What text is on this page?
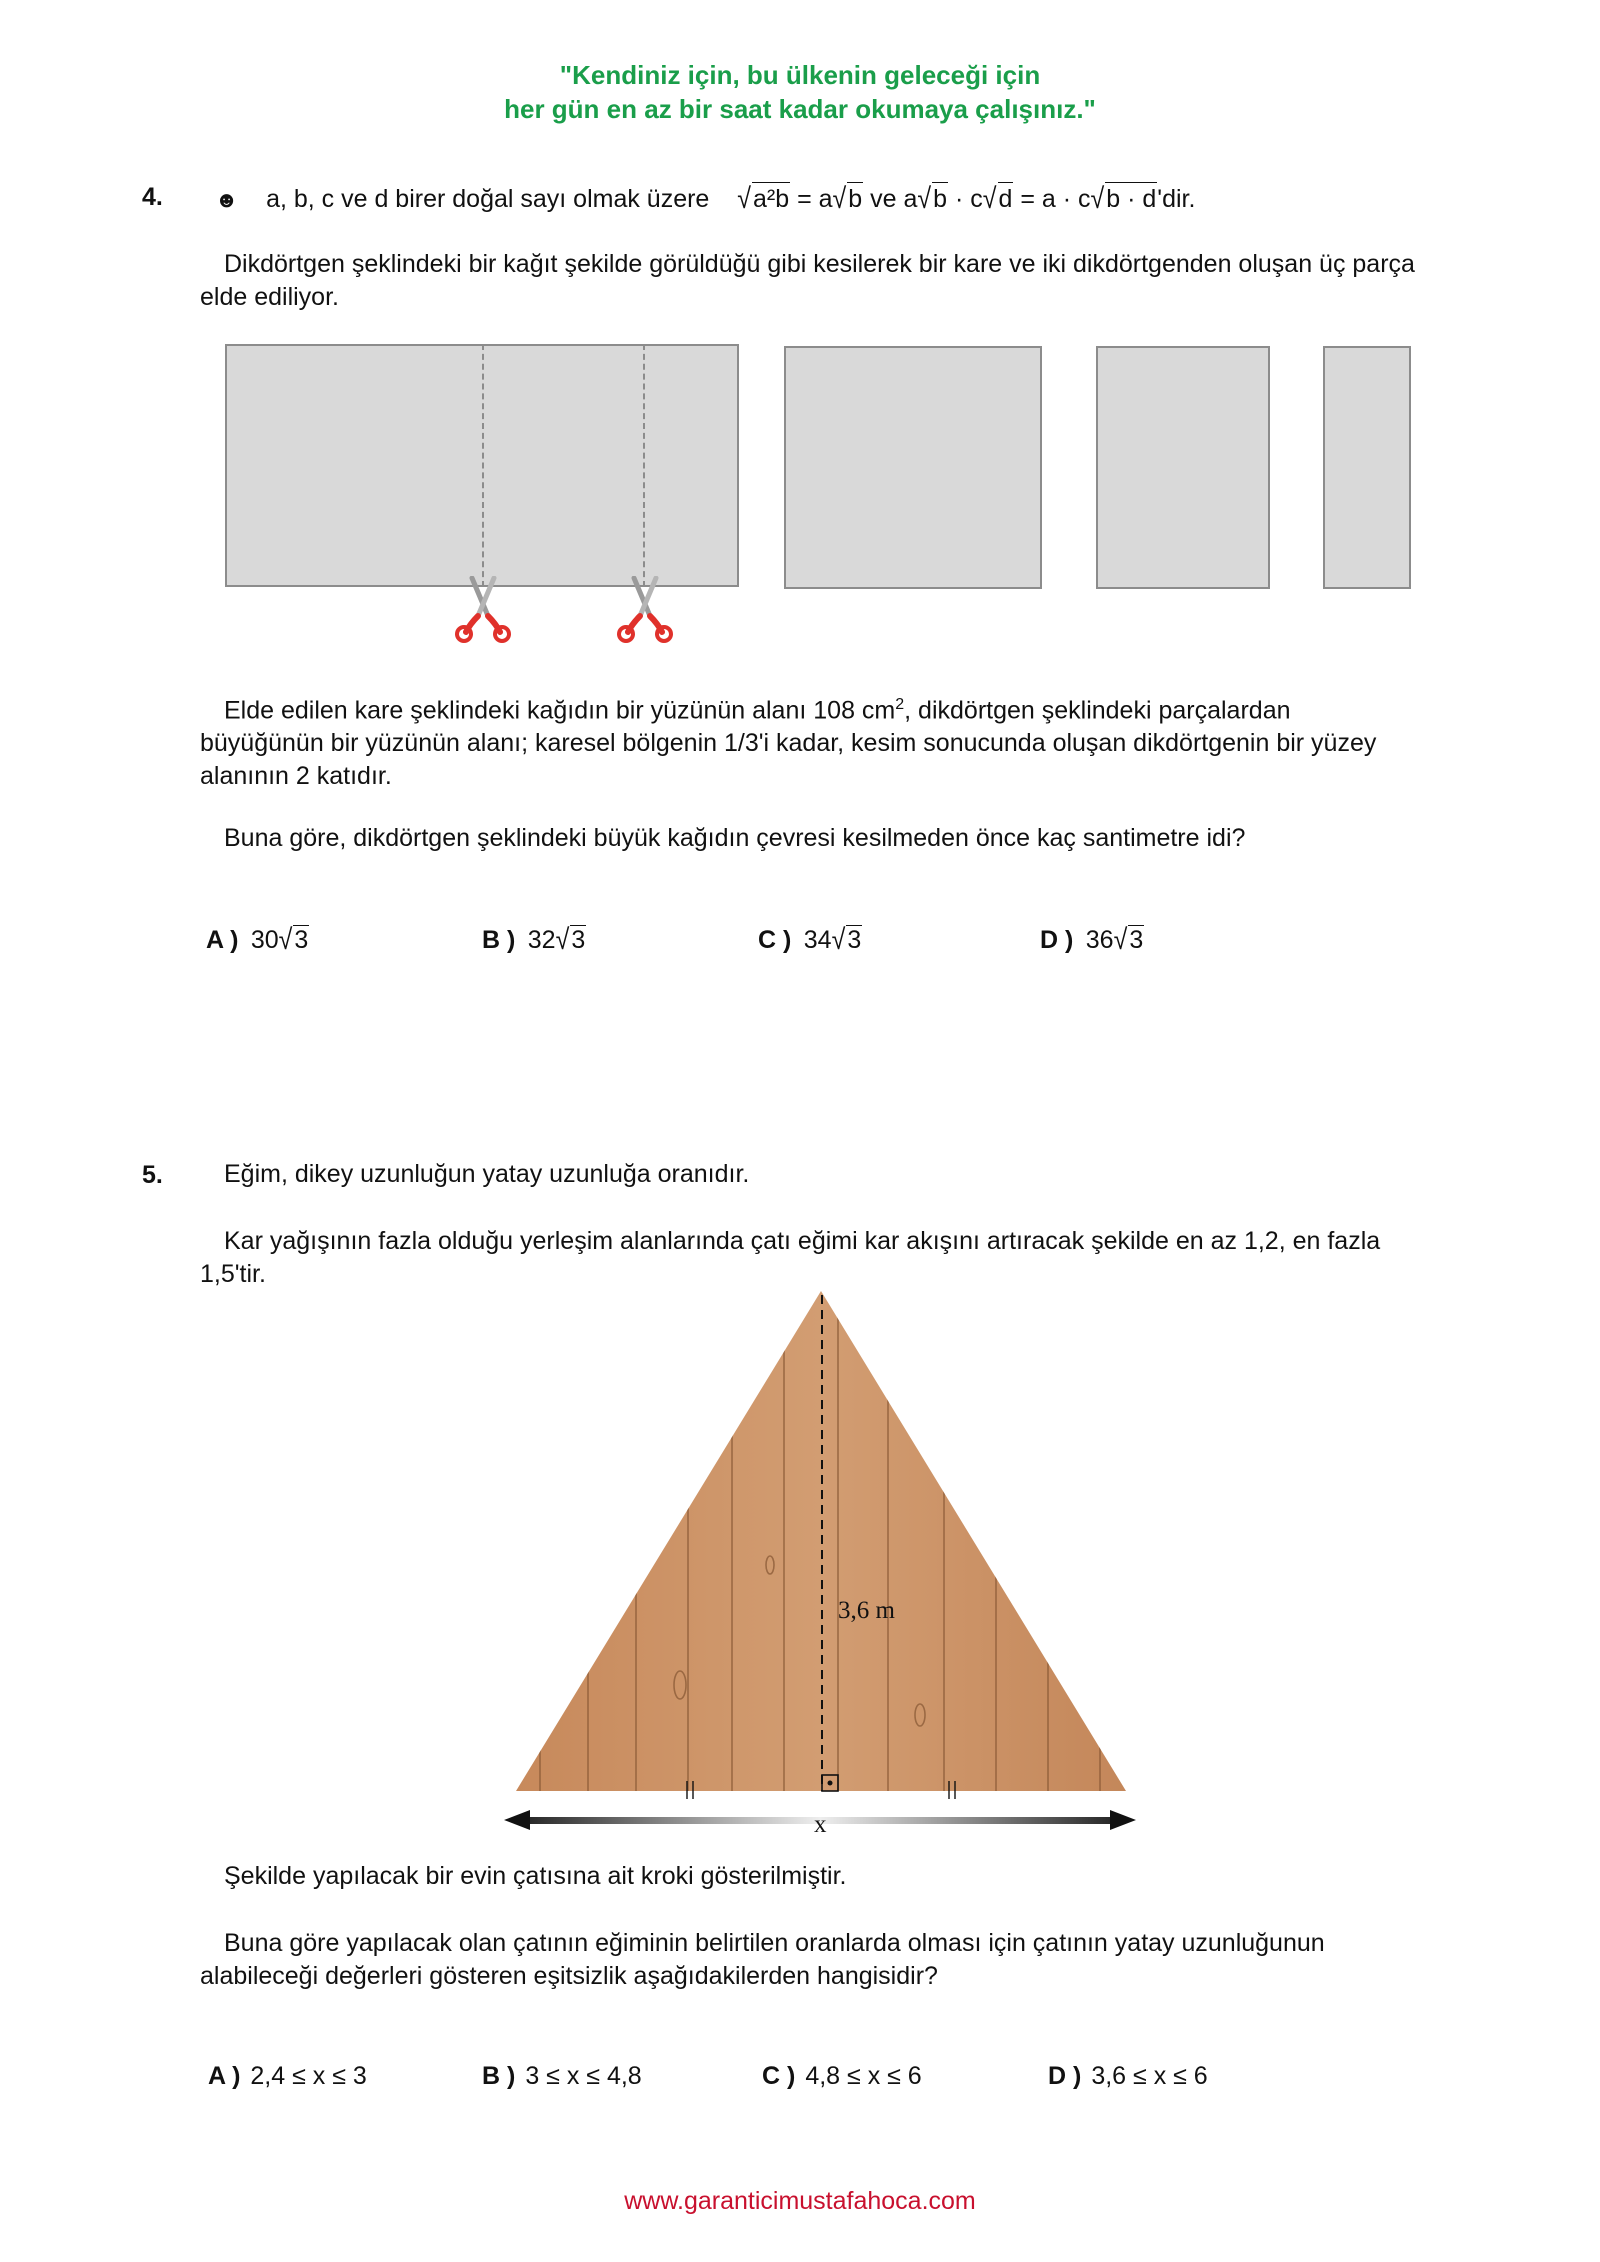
"Kendiniz için, bu ülkenin geleceği için
her gün en az bir saat kadar okumaya çalışınız."
4. ☻ a, b, c ve d birer doğal sayı olmak üzere √a²b = a√b ve a√b · c√d = a · c√b · d'dir.
Dikdörtgen şeklindeki bir kağıt şekilde görüldüğü gibi kesilerek bir kare ve iki dikdörtgenden oluşan üç parça elde ediliyor.
Elde edilen kare şeklindeki kağıdın bir yüzünün alanı 108 $cm^2$, dikdörtgen şeklindeki parçalardan büyüğünün bir yüzünün alanı; karesel bölgenin 1/3'i kadar, kesim sonucunda oluşan dikdörtgenin bir yüzey alanının 2 katıdır.
Buna göre, dikdörtgen şeklindeki büyük kağıdın çevresi kesilmeden önce kaç santimetre idi?
A ) 30√3	B ) 32√3	C ) 34√3	D ) 36√3
5. Eğim, dikey uzunluğun yatay uzunluğa oranıdır.
Kar yağışının fazla olduğu yerleşim alanlarında çatı eğimi kar akışını artıracak şekilde en az 1,2, en fazla 1,5'tir.
3,6 m
x
Şekilde yapılacak bir evin çatısına ait kroki gösterilmiştir.
Buna göre yapılacak olan çatının eğiminin belirtilen oranlarda olması için çatının yatay uzunluğunun alabileceği değerleri gösteren eşitsizlik aşağıdakilerden hangisidir?
A ) 2,4 ≤ x ≤ 3	B ) 3 ≤ x ≤ 4,8	C ) 4,8 ≤ x ≤ 6	D ) 3,6 ≤ x ≤ 6
www.garanticimustafahoca.com
